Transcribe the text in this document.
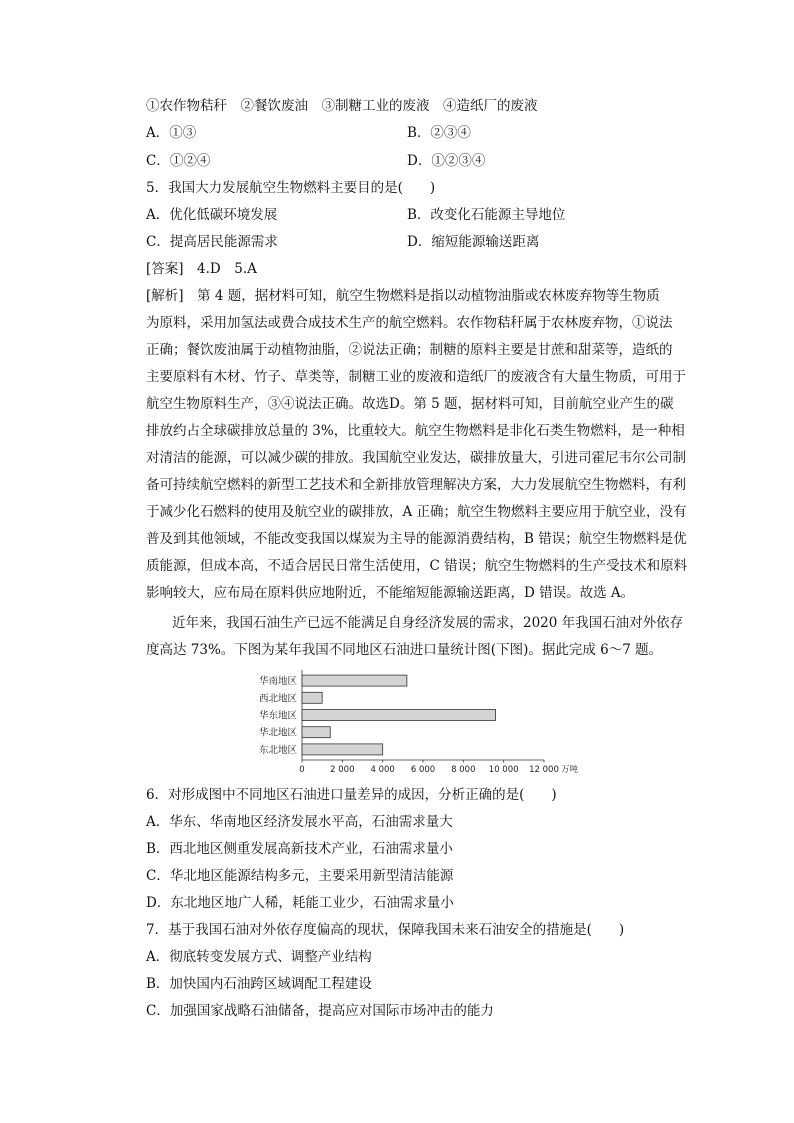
①农作物秸秆　②餐饮废油　③制糖工业的废液　④造纸厂的废液
A．①③	B．②③④
C．①②④	D．①②③④
5．我国大力发展航空生物燃料主要目的是(　　)
A．优化低碳环境发展	B．改变化石能源主导地位
C．提高居民能源需求	D．缩短能源输送距离
[答案]　4.D　5.A
[解析]　第 4 题，据材料可知，航空生物燃料是指以动植物油脂或农林废弃物等生物质
为原料，采用加氢法或费合成技术生产的航空燃料。农作物秸秆属于农林废弃物，①说法
正确；餐饮废油属于动植物油脂，②说法正确；制糖的原料主要是甘蔗和甜菜等，造纸的
主要原料有木材、竹子、草类等，制糖工业的废液和造纸厂的废液含有大量生物质，可用于
航空生物原料生产，③④说法正确。故选D。第 5 题，据材料可知，目前航空业产生的碳
排放约占全球碳排放总量的 3%，比重较大。航空生物燃料是非化石类生物燃料，是一种相
对清洁的能源，可以减少碳的排放。我国航空业发达，碳排放量大，引进司霍尼韦尔公司制
备可持续航空燃料的新型工艺技术和全新排放管理解决方案，大力发展航空生物燃料，有利
于减少化石燃料的使用及航空业的碳排放，A 正确；航空生物燃料主要应用于航空业，没有
普及到其他领域，不能改变我国以煤炭为主导的能源消费结构，B 错误；航空生物燃料是优
质能源，但成本高，不适合居民日常生活使用，C 错误；航空生物燃料的生产受技术和原料
影响较大，应布局在原料供应地附近，不能缩短能源输送距离，D 错误。故选 A。
近年来，我国石油生产已远不能满足自身经济发展的需求，2020 年我国石油对外依存
度高达 73%。下图为某年我国不同地区石油进口量统计图(下图)。据此完成 6～7 题。
华南地区
西北地区
华东地区
华北地区
东北地区
0	2 000 4 000 6 000 8 000 10 000 12 000 万吨
6．对形成图中不同地区石油进口量差异的成因，分析正确的是(　　)
A．华东、华南地区经济发展水平高，石油需求量大
B．西北地区侧重发展高新技术产业，石油需求量小
C．华北地区能源结构多元，主要采用新型清洁能源
D．东北地区地广人稀，耗能工业少，石油需求量小
7．基于我国石油对外依存度偏高的现状，保障我国未来石油安全的措施是(　　)
A．彻底转变发展方式、调整产业结构
B．加快国内石油跨区域调配工程建设
C．加强国家战略石油储备，提高应对国际市场冲击的能力
